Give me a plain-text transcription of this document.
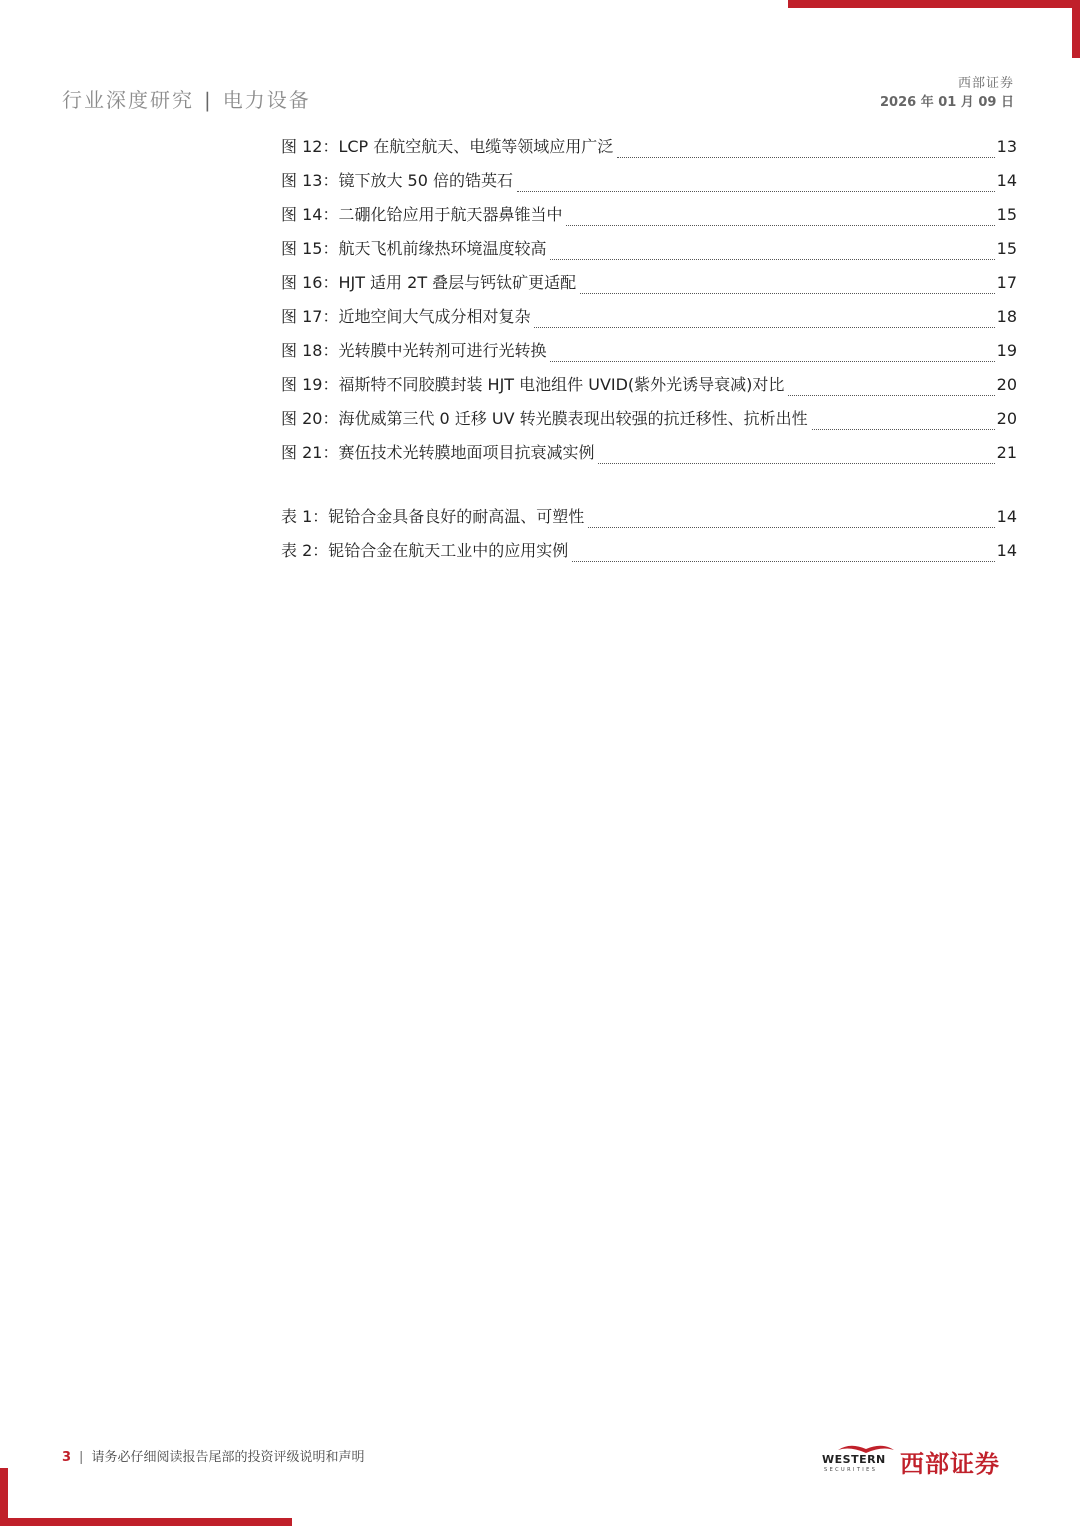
行业深度研究 | 电力设备
西部证券
2026 年 01 月 09 日
图 12：LCP 在航空航天、电缆等领域应用广泛	13
图 13：镜下放大 50 倍的锆英石	14
图 14：二硼化铪应用于航天器鼻锥当中	15
图 15：航天飞机前缘热环境温度较高	15
图 16：HJT 适用 2T 叠层与钙钛矿更适配	17
图 17：近地空间大气成分相对复杂	18
图 18：光转膜中光转剂可进行光转换	19
图 19：福斯特不同胶膜封装 HJT 电池组件 UVID(紫外光诱导衰减)对比	20
图 20：海优威第三代 0 迁移 UV 转光膜表现出较强的抗迁移性、抗析出性	20
图 21：赛伍技术光转膜地面项目抗衰减实例	21
表 1：铌铪合金具备良好的耐高温、可塑性	14
表 2：铌铪合金在航天工业中的应用实例	14
3 | 请务必仔细阅读报告尾部的投资评级说明和声明	WESTERN
SECURITIES 西部证券
